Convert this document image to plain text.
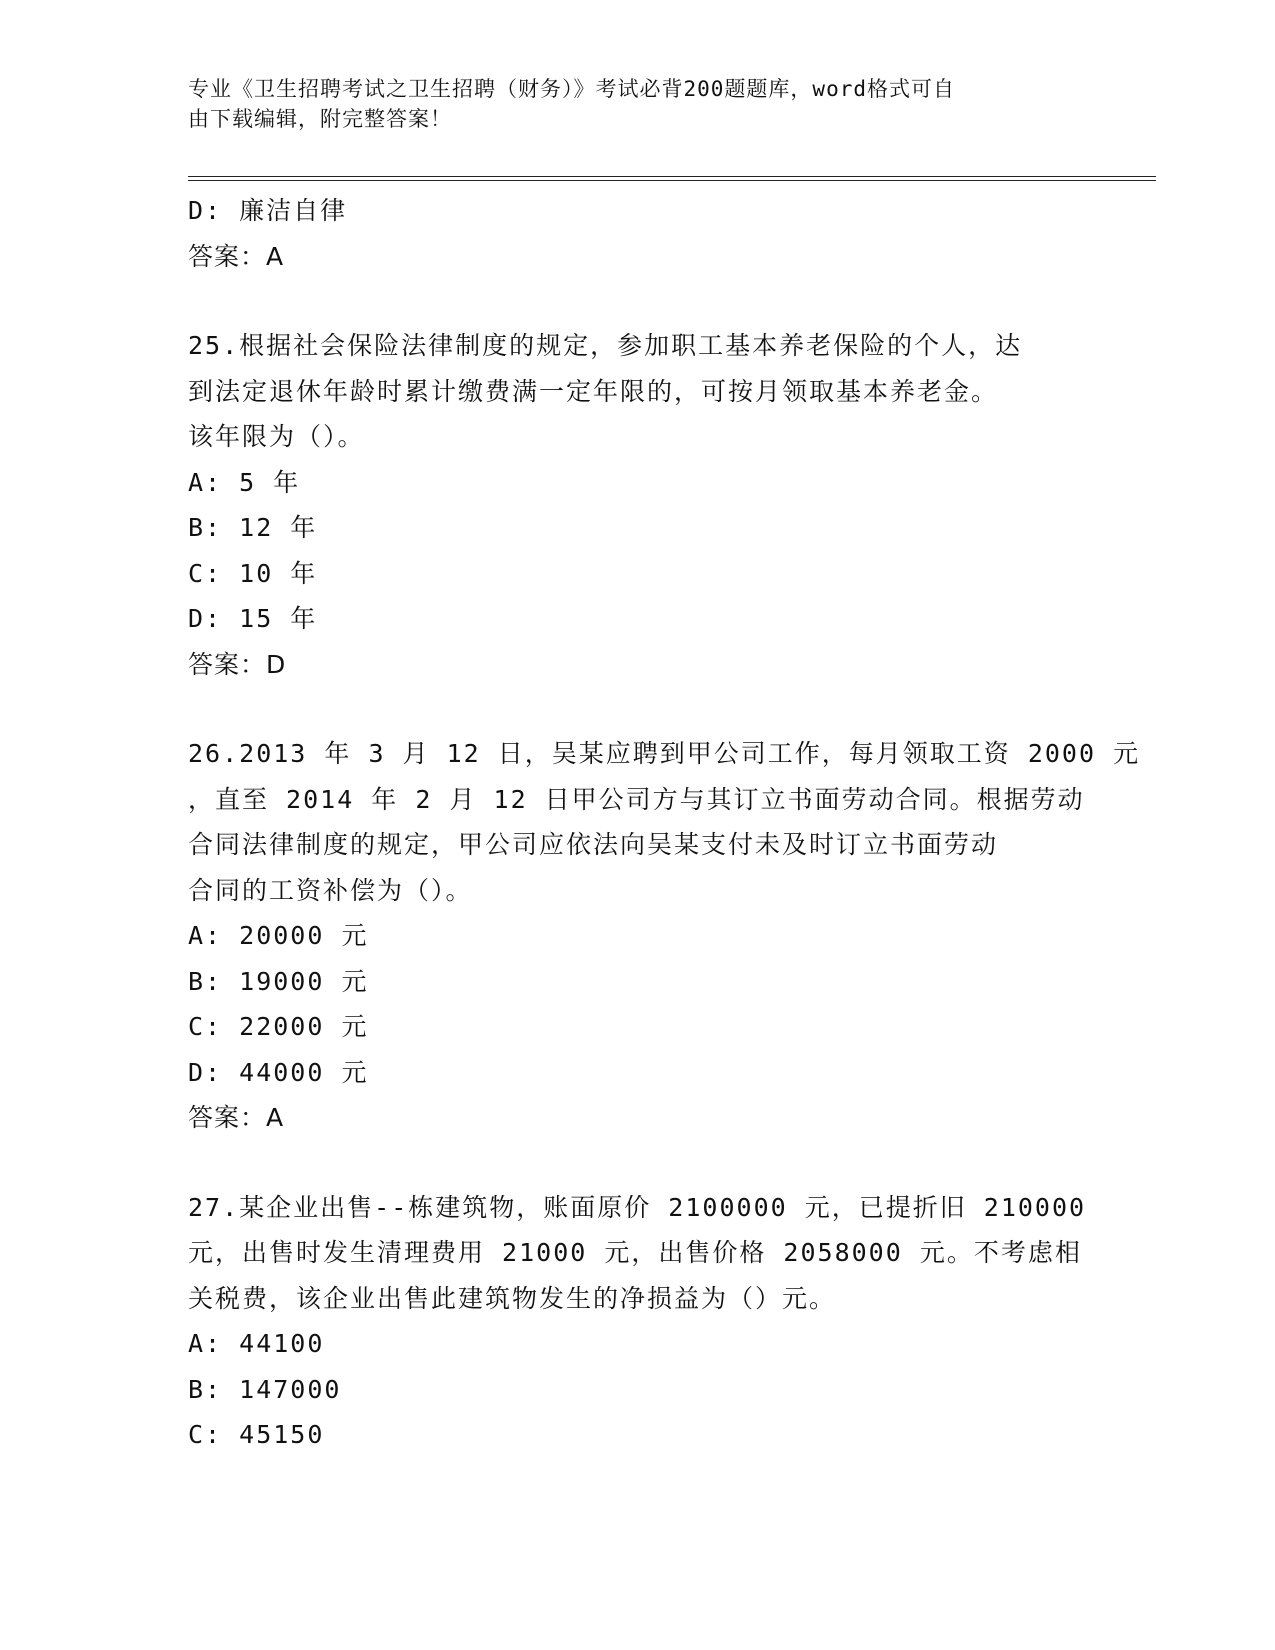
专业《卫生招聘考试之卫生招聘（财务）》考试必背200题题库，word格式可自
由下载编辑，附完整答案！
D: 廉洁自律
答案：A
25.根据社会保险法律制度的规定，参加职工基本养老保险的个人，达
到法定退休年龄时累计缴费满一定年限的，可按月领取基本养老金。
该年限为（）。
A: 5 年
B: 12 年
C: 10 年
D: 15 年
答案：D
26.2013 年 3 月 12 日，吴某应聘到甲公司工作，每月领取工资 2000 元
，直至 2014 年 2 月 12 日甲公司方与其订立书面劳动合同。根据劳动
合同法律制度的规定，甲公司应依法向吴某支付未及时订立书面劳动
合同的工资补偿为（）。
A: 20000 元
B: 19000 元
C: 22000 元
D: 44000 元
答案：A
27.某企业出售--栋建筑物，账面原价 2100000 元，已提折旧 210000
元，出售时发生清理费用 21000 元，出售价格 2058000 元。不考虑相
关税费，该企业出售此建筑物发生的净损益为（）元。
A: 44100
B: 147000
C: 45150
